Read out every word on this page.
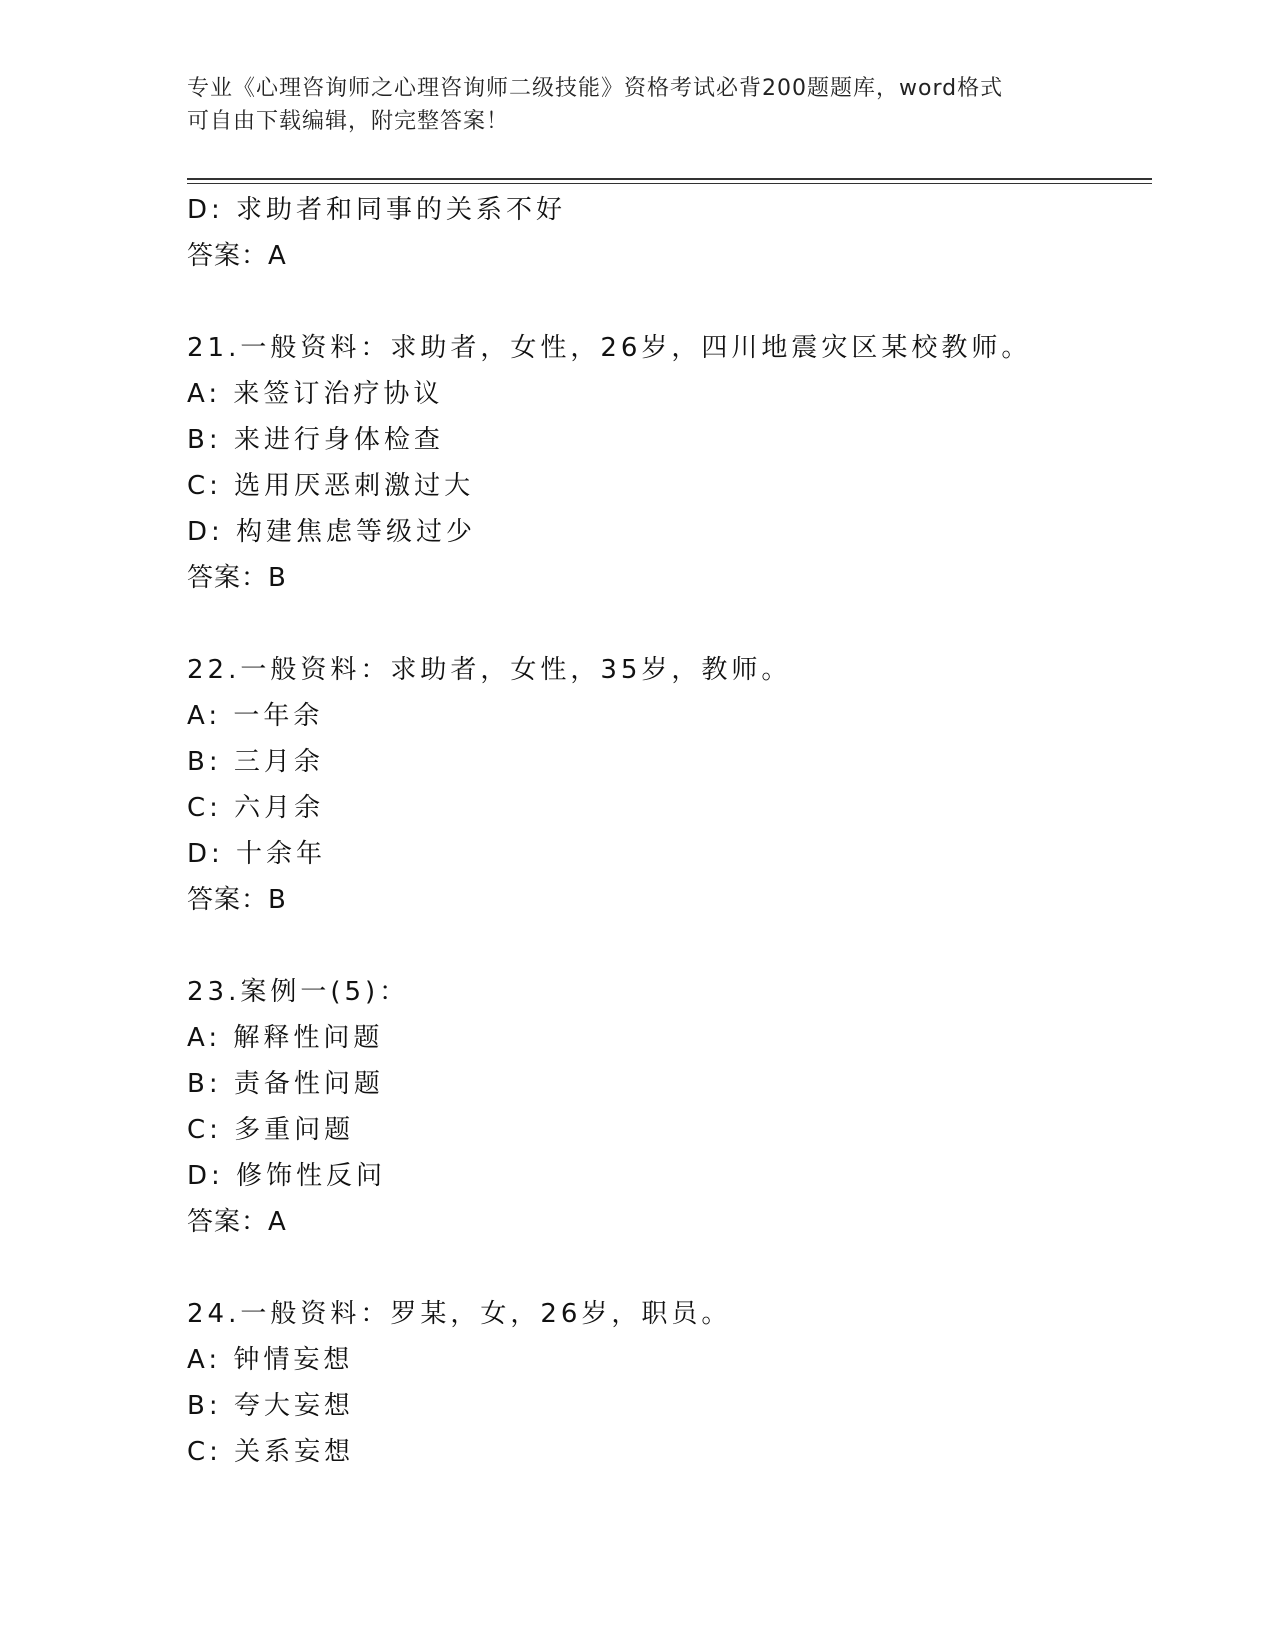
专业《心理咨询师之心理咨询师二级技能》资格考试必背200题题库，word格式
可自由下载编辑，附完整答案！
D: 求助者和同事的关系不好
答案：A
21.一般资料：求助者，女性，26岁，四川地震灾区某校教师。
A: 来签订治疗协议
B: 来进行身体检查
C: 选用厌恶刺激过大
D: 构建焦虑等级过少
答案：B
22.一般资料：求助者，女性，35岁，教师。
A: 一年余
B: 三月余
C: 六月余
D: 十余年
答案：B
23.案例一(5)：
A: 解释性问题
B: 责备性问题
C: 多重问题
D: 修饰性反问
答案：A
24.一般资料：罗某，女，26岁，职员。
A: 钟情妄想
B: 夸大妄想
C: 关系妄想
